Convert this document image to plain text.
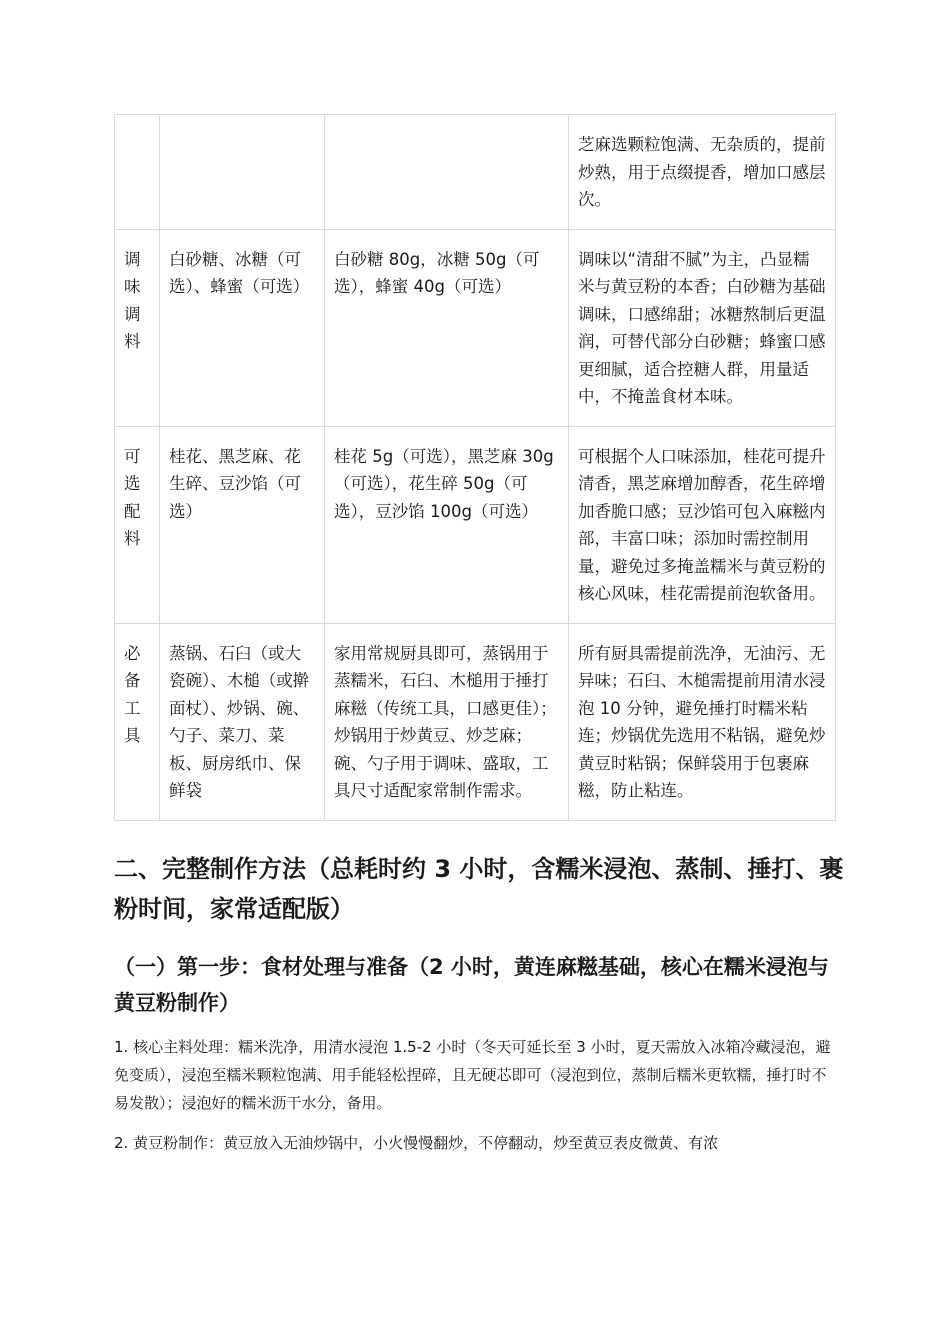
			芝麻选颗粒饱满、无杂质的，提前炒熟，用于点缀提香，增加口感层次。
调味调料	白砂糖、冰糖（可选）、蜂蜜（可选）	白砂糖 80g，冰糖 50g（可选），蜂蜜 40g（可选）	调味以“清甜不腻”为主，凸显糯米与黄豆粉的本香；白砂糖为基础调味，口感绵甜；冰糖熬制后更温润，可替代部分白砂糖；蜂蜜口感更细腻，适合控糖人群，用量适中，不掩盖食材本味。
可选配料	桂花、黑芝麻、花生碎、豆沙馅（可选）	桂花 5g（可选），黑芝麻 30g（可选），花生碎 50g（可选），豆沙馅 100g（可选）	可根据个人口味添加，桂花可提升清香，黑芝麻增加醇香，花生碎增加香脆口感；豆沙馅可包入麻糍内部，丰富口味；添加时需控制用量，避免过多掩盖糯米与黄豆粉的核心风味，桂花需提前泡软备用。
必备工具	蒸锅、石臼（或大瓷碗）、木槌（或擀面杖）、炒锅、碗、勺子、菜刀、菜板、厨房纸巾、保鲜袋	家用常规厨具即可，蒸锅用于蒸糯米，石臼、木槌用于捶打麻糍（传统工具，口感更佳）；炒锅用于炒黄豆、炒芝麻；碗、勺子用于调味、盛取，工具尺寸适配家常制作需求。	所有厨具需提前洗净，无油污、无异味；石臼、木槌需提前用清水浸泡 10 分钟，避免捶打时糯米粘连；炒锅优先选用不粘锅，避免炒黄豆时粘锅；保鲜袋用于包裹麻糍，防止粘连。
二、完整制作方法（总耗时约 3 小时，含糯米浸泡、蒸制、捶打、裹粉时间，家常适配版）
（一）第一步：食材处理与准备（2 小时，黄连麻糍基础，核心在糯米浸泡与黄豆粉制作）

1. 核心主料处理：糯米洗净，用清水浸泡 1.5-2 小时（冬天可延长至 3 小时，夏天需放入冰箱冷藏浸泡，避免变质），浸泡至糯米颗粒饱满、用手能轻松捏碎，且无硬芯即可（浸泡到位，蒸制后糯米更软糯，捶打时不易发散）；浸泡好的糯米沥干水分，备用。

2. 黄豆粉制作：黄豆放入无油炒锅中，小火慢慢翻炒，不停翻动，炒至黄豆表皮微黄、有浓
